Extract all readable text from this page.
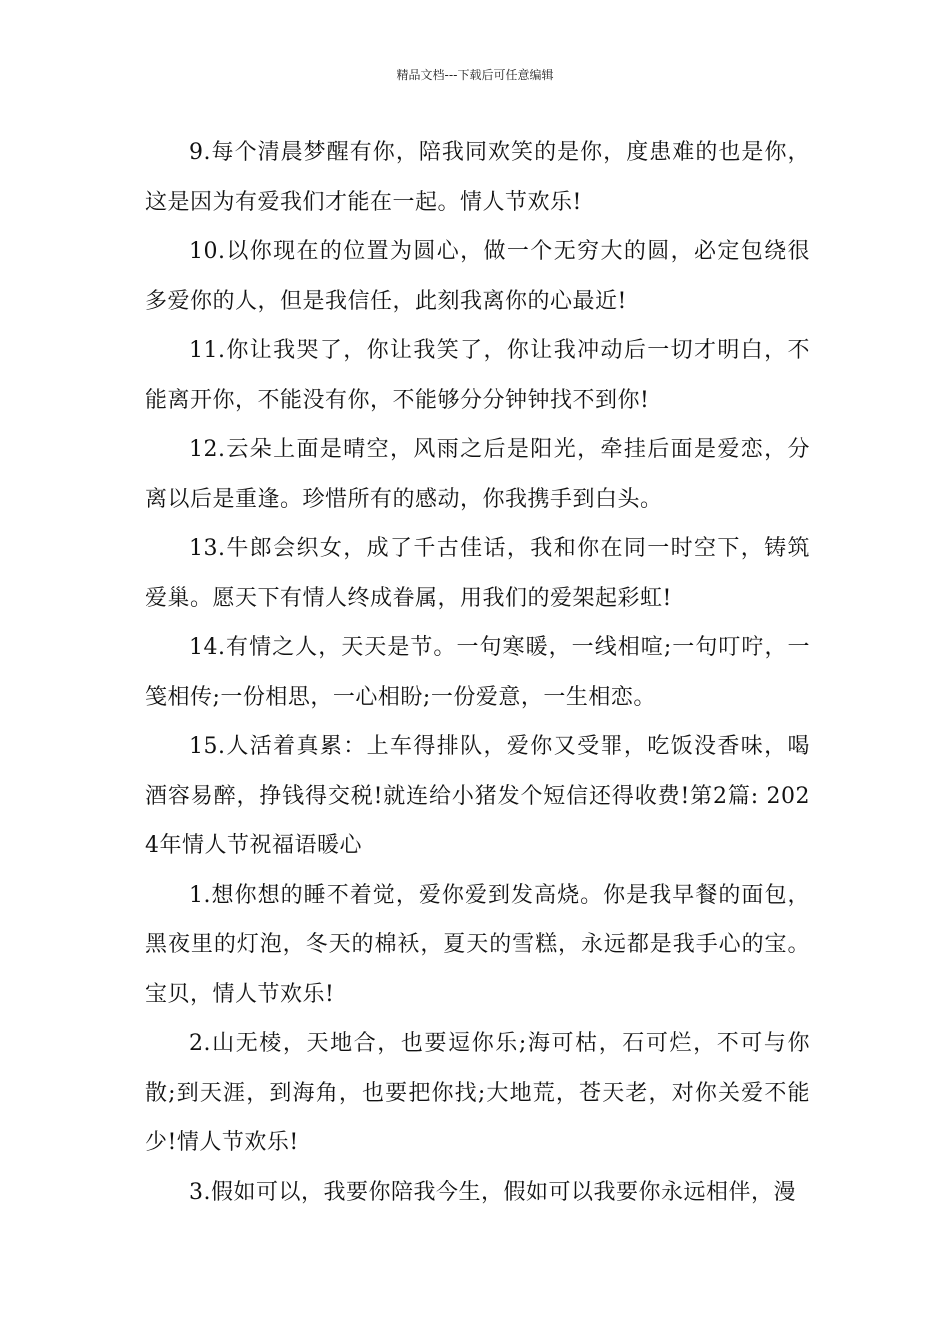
精品文档---下载后可任意编辑

9.每个清晨梦醒有你，陪我同欢笑的是你，度患难的也是你，这是因为有爱我们才能在一起。情人节欢乐!

10.以你现在的位置为圆心，做一个无穷大的圆，必定包绕很多爱你的人，但是我信任，此刻我离你的心最近!

11.你让我哭了，你让我笑了，你让我冲动后一切才明白，不能离开你，不能没有你，不能够分分钟钟找不到你!

12.云朵上面是晴空，风雨之后是阳光，牵挂后面是爱恋，分离以后是重逢。珍惜所有的感动，你我携手到白头。

13.牛郎会织女，成了千古佳话，我和你在同一时空下，铸筑爱巢。愿天下有情人终成眷属，用我们的爱架起彩虹!

14.有情之人，天天是节。一句寒暖，一线相喧;一句叮咛，一笺相传;一份相思，一心相盼;一份爱意，一生相恋。

15.人活着真累：上车得排队，爱你又受罪，吃饭没香味，喝酒容易醉，挣钱得交税!就连给小猪发个短信还得收费!第2篇: 2024年情人节祝福语暖心

1.想你想的睡不着觉，爱你爱到发高烧。你是我早餐的面包，黑夜里的灯泡，冬天的棉袄，夏天的雪糕，永远都是我手心的宝。宝贝，情人节欢乐!

2.山无棱，天地合，也要逗你乐;海可枯，石可烂，不可与你散;到天涯，到海角，也要把你找;大地荒，苍天老，对你关爱不能少!情人节欢乐!

3.假如可以，我要你陪我今生，假如可以我要你永远相伴，漫
